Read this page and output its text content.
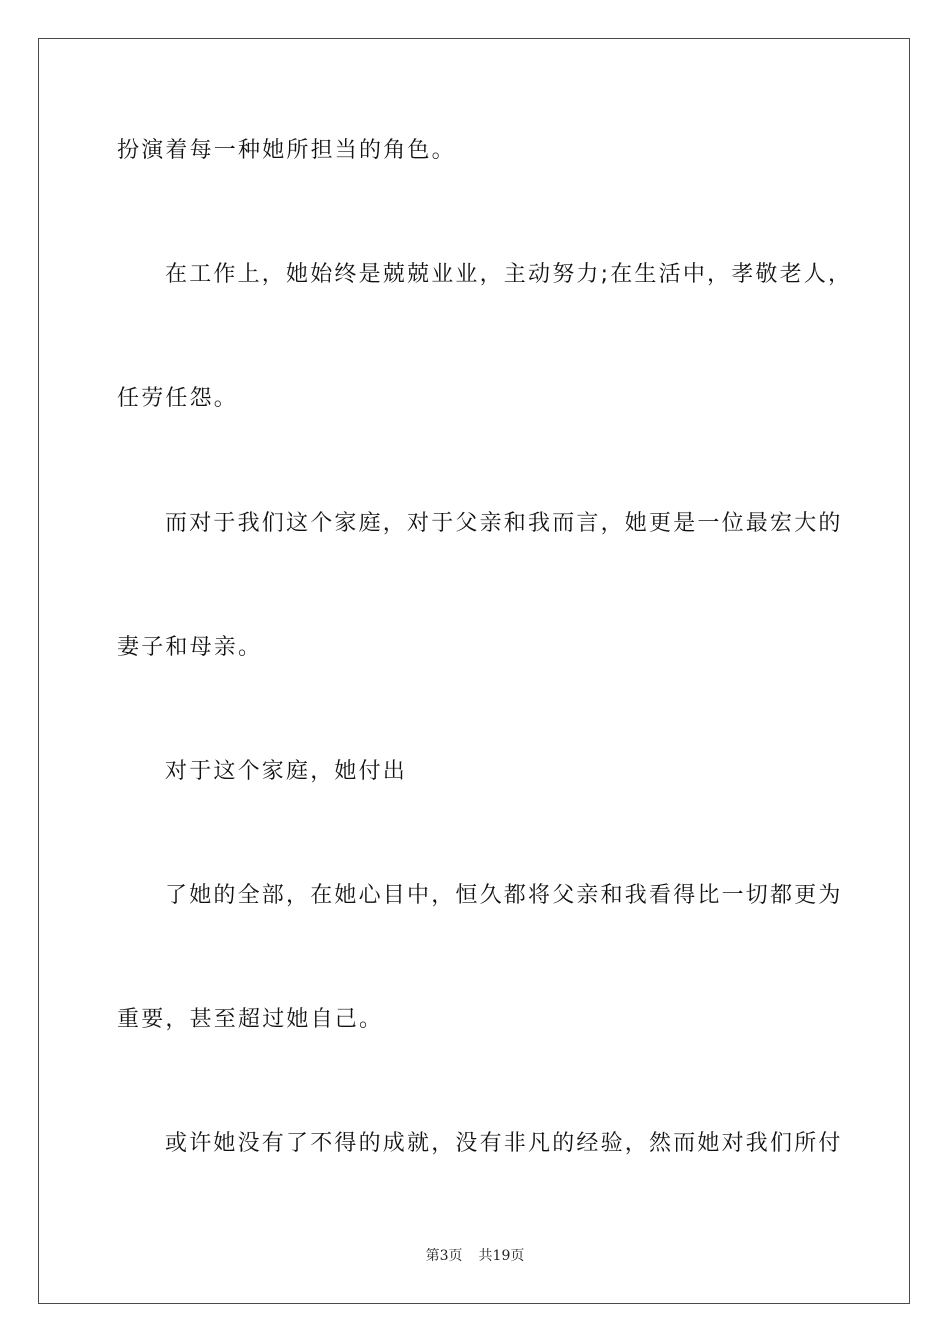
扮演着每一种她所担当的角色。
在工作上，她始终是兢兢业业，主动努力;在生活中，孝敬老人，
任劳任怨。
而对于我们这个家庭，对于父亲和我而言，她更是一位最宏大的
妻子和母亲。
对于这个家庭，她付出
了她的全部，在她心目中，恒久都将父亲和我看得比一切都更为
重要，甚至超过她自己。
或许她没有了不得的成就，没有非凡的经验，然而她对我们所付
第3页 共19页
